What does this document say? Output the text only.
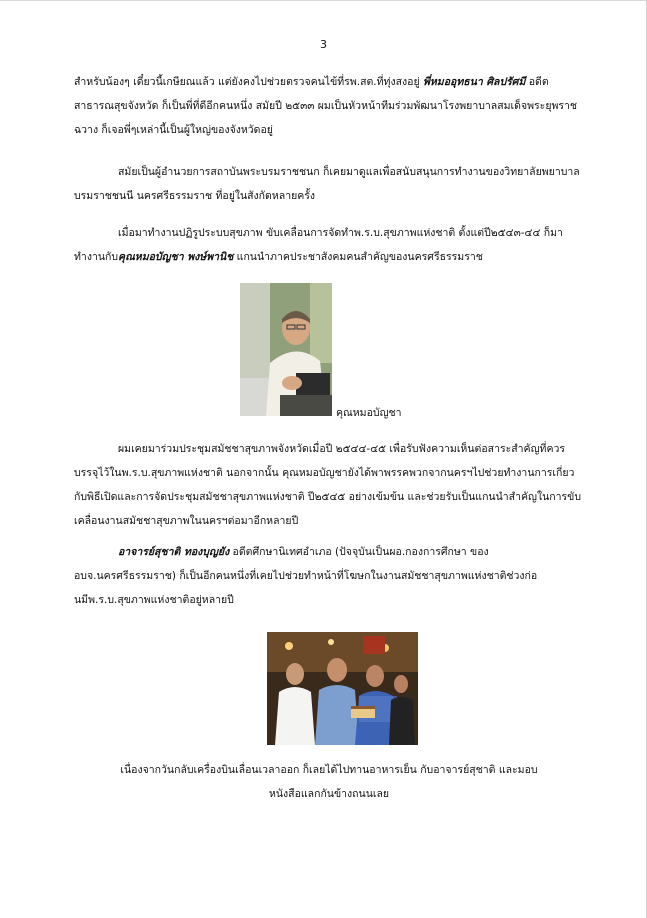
3

สำหรับน้องๆ เดี๋ยวนี้เกษียณแล้ว แต่ยังคงไปช่วยตรวจคนไข้ที่รพ.สต.ที่ทุ่งสงอยู่ พี่หมออุทธนา ศิลปรัศมี อดีตสาธารณสุขจังหวัด ก็เป็นพี่ที่ดีอีกคนหนึ่ง สมัยปี ๒๕๓๓ ผมเป็นหัวหน้าทีมร่วมพัฒนาโรงพยาบาลสมเด็จพระยุพราช ฉวาง ก็เจอพี่ๆเหล่านี้เป็นผู้ใหญ่ของจังหวัดอยู่

สมัยเป็นผู้อำนวยการสถาบันพระบรมราชชนก ก็เคยมาดูแลเพื่อสนับสนุนการทำงานของวิทยาลัยพยาบาลบรมราชชนนี นครศรีธรรมราช ที่อยู่ในสังกัดหลายครั้ง

เมื่อมาทำงานปฏิรูประบบสุขภาพ ขับเคลื่อนการจัดทำพ.ร.บ.สุขภาพแห่งชาติ ตั้งแต่ปี๒๕๔๓-๔๔ ก็มาทำงานกับคุณหมอบัญชา พงษ์พานิช แกนนำภาคประชาสังคมคนสำคัญของนครศรีธรรมราช

คุณหมอบัญชา

ผมเคยมาร่วมประชุมสมัชชาสุขภาพจังหวัดเมื่อปี ๒๕๔๔-๔๕ เพื่อรับฟังความเห็นต่อสาระสำคัญที่ควรบรรจุไว้ในพ.ร.บ.สุขภาพแห่งชาติ นอกจากนั้น คุณหมอบัญชายังได้พาพรรคพวกจากนครฯไปช่วยทำงานการเกี่ยวกับพิธีเปิดและการจัดประชุมสมัชชาสุขภาพแห่งชาติ ปี๒๕๔๕ อย่างเข้มข้น และช่วยรับเป็นแกนนำสำคัญในการขับเคลื่อนงานสมัชชาสุขภาพในนครฯต่อมาอีกหลายปี

อาจารย์สุชาติ ทองบุญยัง อดีตศึกษานิเทศอำเภอ (ปัจจุบันเป็นผอ.กองการศึกษา ของ อบจ.นครศรีธรรมราช) ก็เป็นอีกคนหนึ่งที่เคยไปช่วยทำหน้าที่โฆษกในงานสมัชชาสุขภาพแห่งชาติช่วงก่อนมีพ.ร.บ.สุขภาพแห่งชาติอยู่หลายปี

เนื่องจากวันกลับเครื่องบินเลื่อนเวลาออก ก็เลยได้ไปทานอาหารเย็น กับอาจารย์สุชาติ และมอบ
หนังสือแลกกันข้างถนนเลย
